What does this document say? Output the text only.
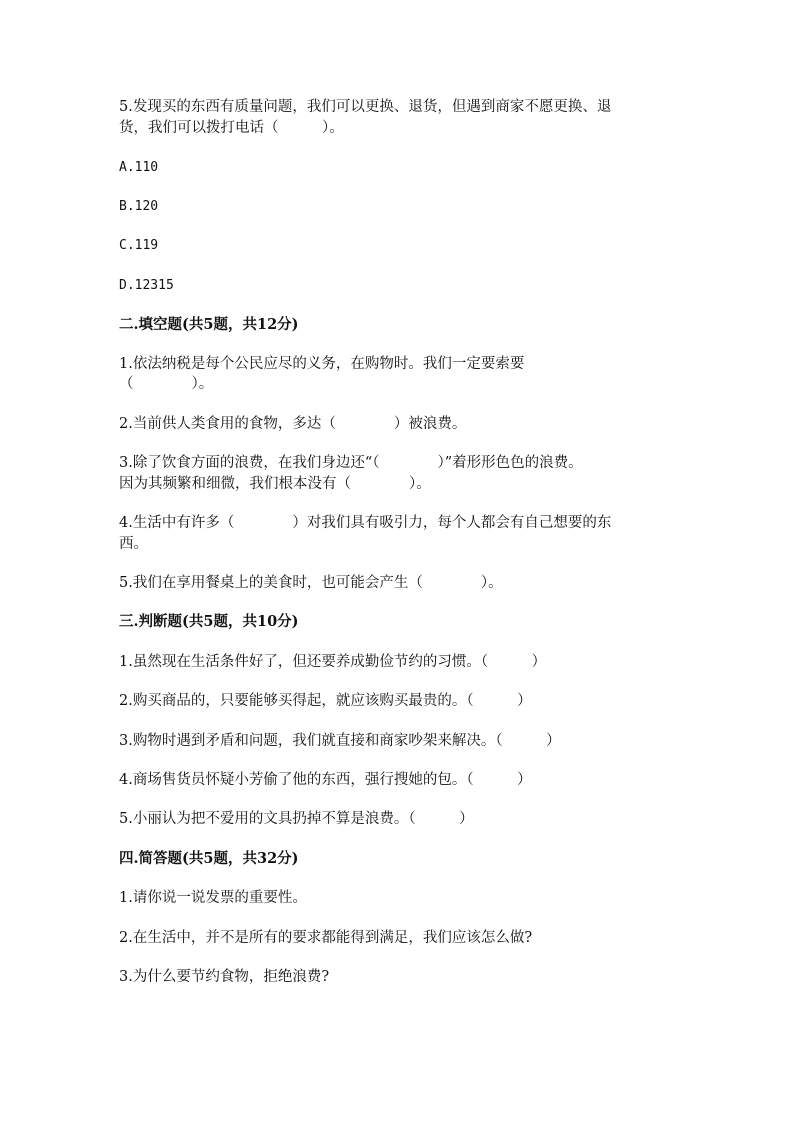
5.发现买的东西有质量问题，我们可以更换、退货，但遇到商家不愿更换、退
货，我们可以拨打电话（　　　）。
A.110
B.120
C.119
D.12315
二.填空题(共5题，共12分)
1.依法纳税是每个公民应尽的义务，在购物时。我们一定要索要
（　　　　）。
2.当前供人类食用的食物，多达（　　　　）被浪费。
3.除了饮食方面的浪费，在我们身边还“（　　　　）”着形形色色的浪费。
因为其频繁和细微，我们根本没有（　　　　）。
4.生活中有许多（　　　　）对我们具有吸引力，每个人都会有自己想要的东
西。
5.我们在享用餐桌上的美食时，也可能会产生（　　　　）。
三.判断题(共5题，共10分)
1.虽然现在生活条件好了，但还要养成勤俭节约的习惯。（　　　）
2.购买商品的，只要能够买得起，就应该购买最贵的。（　　　）
3.购物时遇到矛盾和问题，我们就直接和商家吵架来解决。（　　　）
4.商场售货员怀疑小芳偷了他的东西，强行搜她的包。（　　　）
5.小丽认为把不爱用的文具扔掉不算是浪费。（　　　）
四.简答题(共5题，共32分)
1.请你说一说发票的重要性。
2.在生活中，并不是所有的要求都能得到满足，我们应该怎么做?
3.为什么要节约食物，拒绝浪费?
